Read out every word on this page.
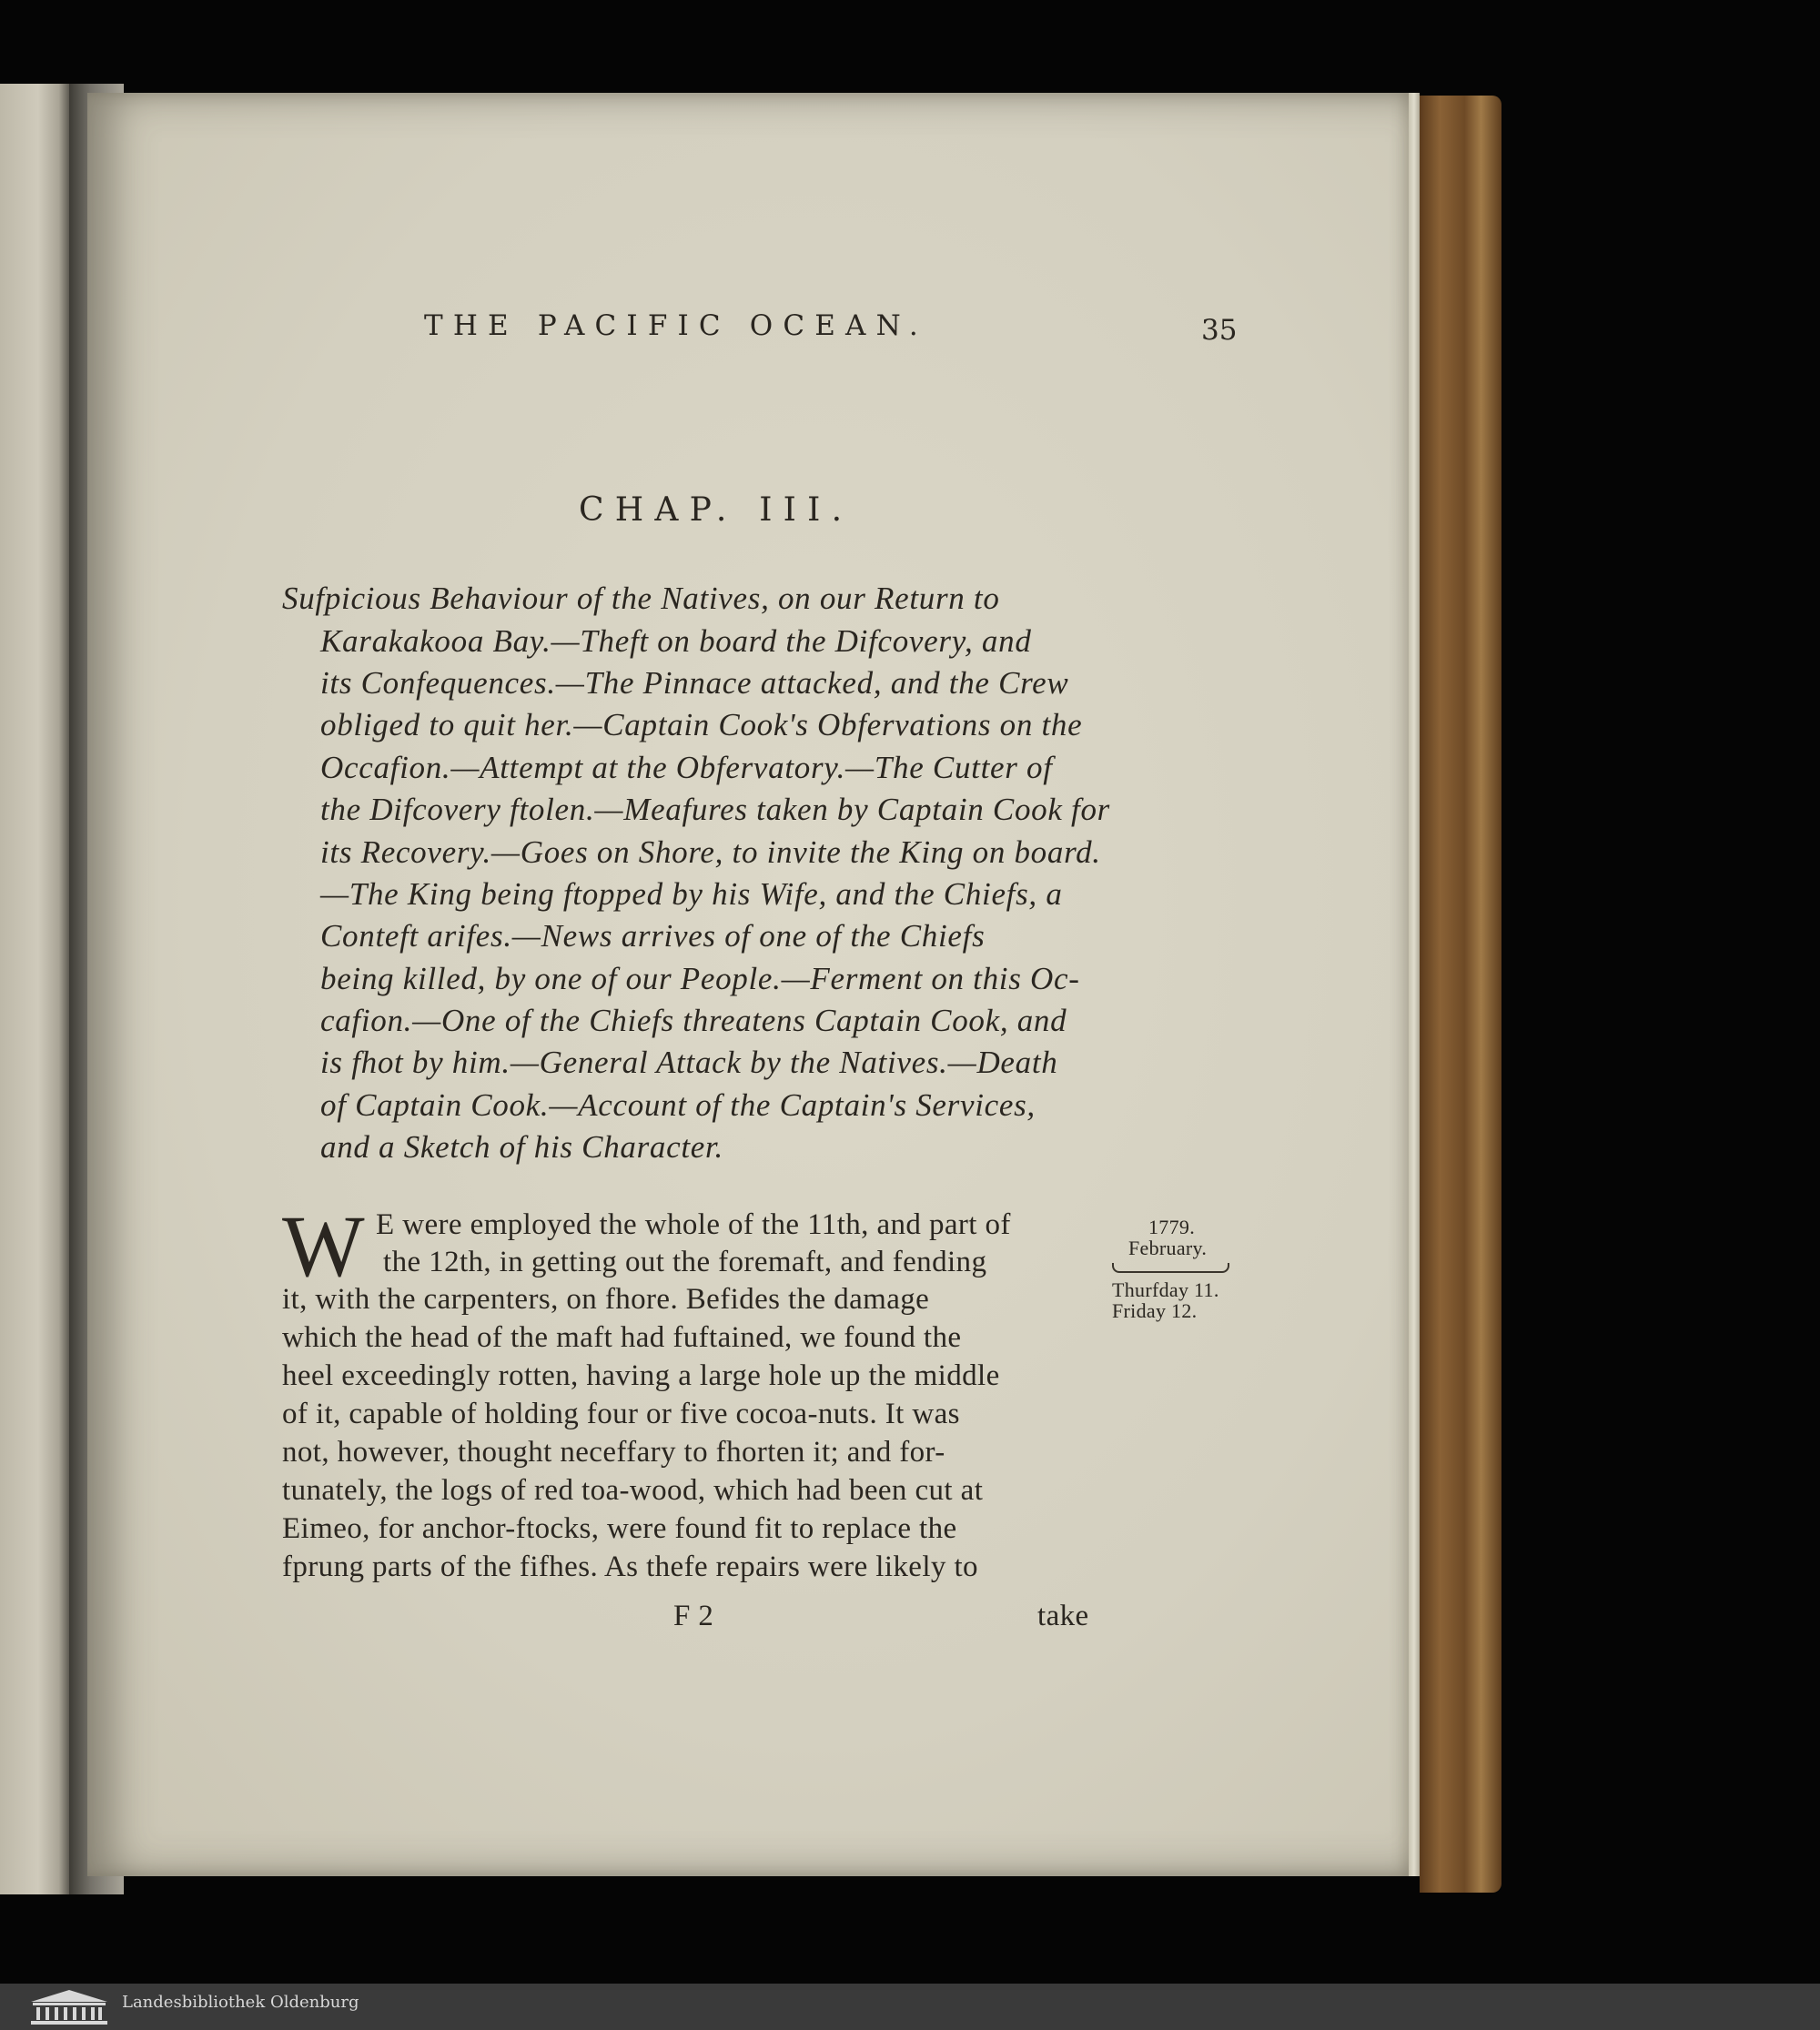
THE PACIFIC OCEAN.	35
CHAP. III.
Sufpicious Behaviour of the Natives, on our Return to
Karakakooa Bay.—Theft on board the Difcovery, and
its Confequences.—The Pinnace attacked, and the Crew
obliged to quit her.—Captain Cook's Obfervations on the
Occafion.—Attempt at the Obfervatory.—The Cutter of
the Difcovery ftolen.—Meafures taken by Captain Cook for
its Recovery.—Goes on Shore, to invite the King on board.
—The King being ftopped by his Wife, and the Chiefs, a
Conteft arifes.—News arrives of one of the Chiefs
being killed, by one of our People.—Ferment on this Oc-
cafion.—One of the Chiefs threatens Captain Cook, and
is fhot by him.—General Attack by the Natives.—Death
of Captain Cook.—Account of the Captain's Services,
and a Sketch of his Character.
W E were employed the whole of the 11th, and part of
the 12th, in getting out the foremaft, and fending
it, with the carpenters, on fhore. Befides the damage
which the head of the maft had fuftained, we found the
heel exceedingly rotten, having a large hole up the middle
of it, capable of holding four or five cocoa-nuts. It was
not, however, thought neceffary to fhorten it; and for-
tunately, the logs of red toa-wood, which had been cut at
Eimeo, for anchor-ftocks, were found fit to replace the
fprung parts of the fifhes. As thefe repairs were likely to
F 2	take
1779.
February.
Thurfday 11.
Friday 12.
Landesbibliothek Oldenburg
